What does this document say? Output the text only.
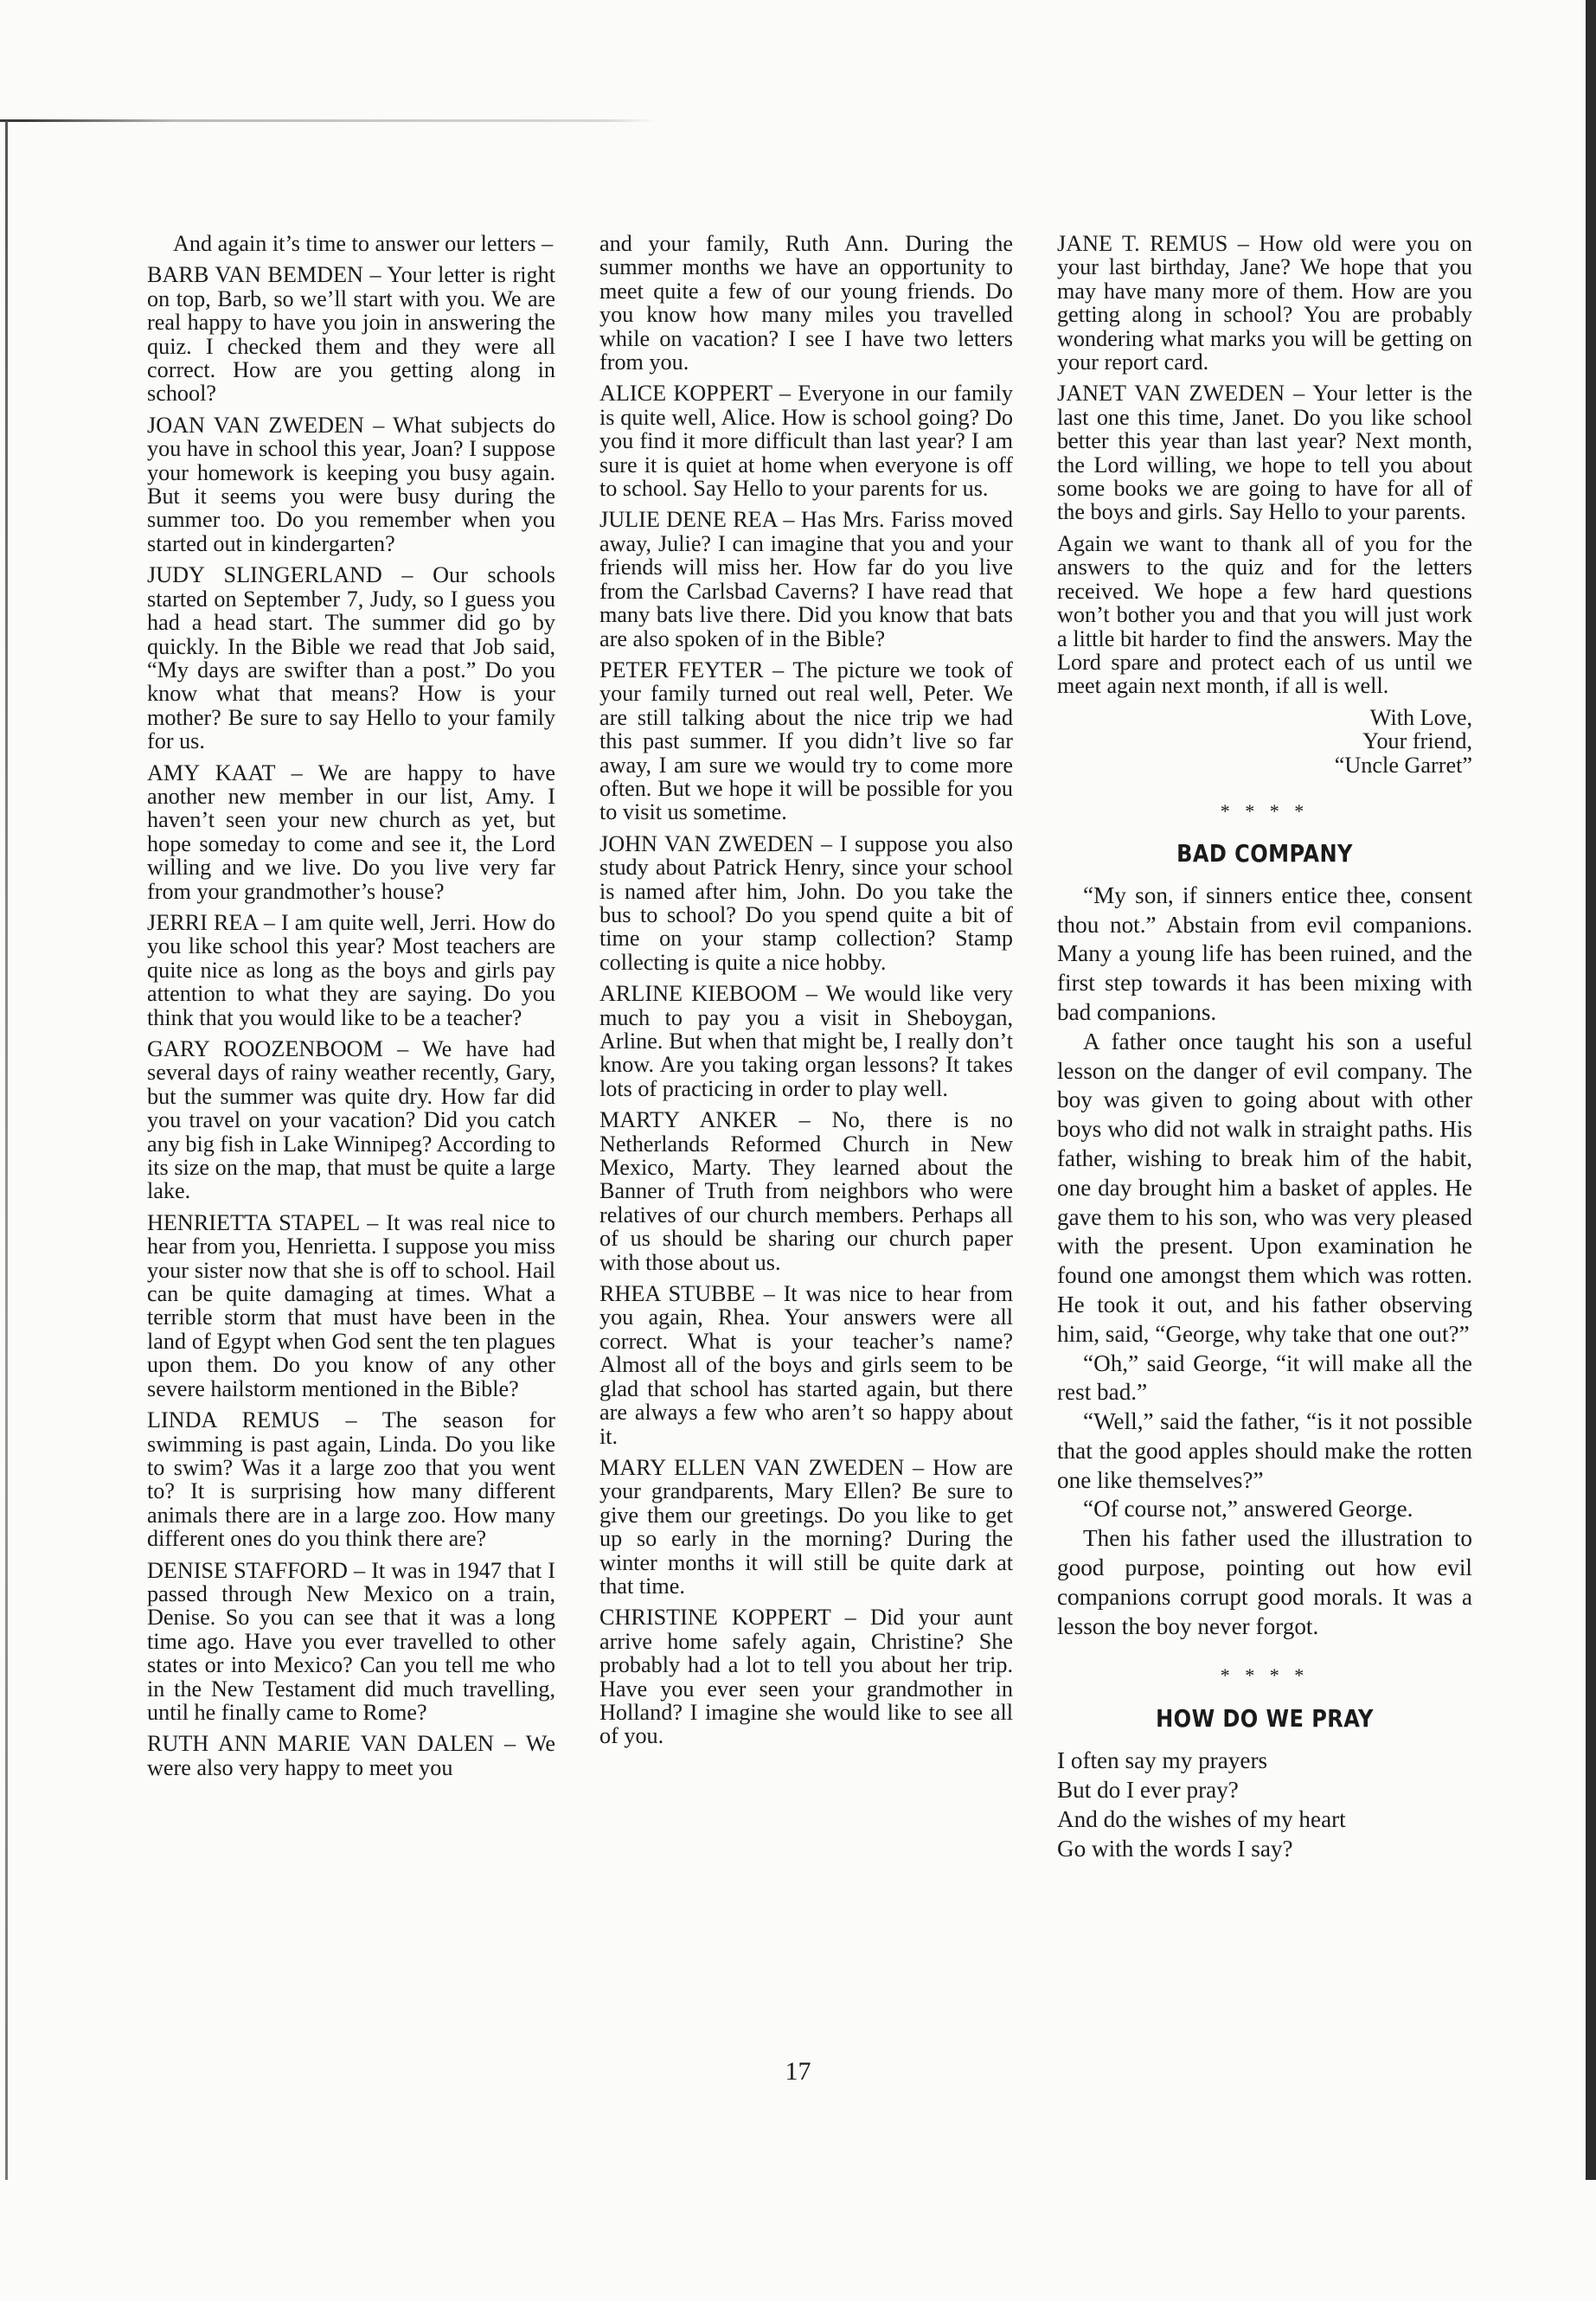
And again it’s time to answer our letters –

BARB VAN BEMDEN – Your letter is right on top, Barb, so we’ll start with you. We are real happy to have you join in answering the quiz. I checked them and they were all correct. How are you getting along in school?

JOAN VAN ZWEDEN – What subjects do you have in school this year, Joan? I suppose your homework is keeping you busy again. But it seems you were busy during the summer too. Do you remember when you started out in kindergarten?

JUDY SLINGERLAND – Our schools started on September 7, Judy, so I guess you had a head start. The summer did go by quickly. In the Bible we read that Job said, “My days are swifter than a post.” Do you know what that means? How is your mother? Be sure to say Hello to your family for us.

AMY KAAT – We are happy to have another new member in our list, Amy. I haven’t seen your new church as yet, but hope someday to come and see it, the Lord willing and we live. Do you live very far from your grandmother’s house?

JERRI REA – I am quite well, Jerri. How do you like school this year? Most teachers are quite nice as long as the boys and girls pay attention to what they are saying. Do you think that you would like to be a teacher?

GARY ROOZENBOOM – We have had several days of rainy weather recently, Gary, but the summer was quite dry. How far did you travel on your vacation? Did you catch any big fish in Lake Winnipeg? According to its size on the map, that must be quite a large lake.

HENRIETTA STAPEL – It was real nice to hear from you, Henrietta. I suppose you miss your sister now that she is off to school. Hail can be quite damaging at times. What a terrible storm that must have been in the land of Egypt when God sent the ten plagues upon them. Do you know of any other severe hailstorm mentioned in the Bible?

LINDA REMUS – The season for swimming is past again, Linda. Do you like to swim? Was it a large zoo that you went to? It is surprising how many different animals there are in a large zoo. How many different ones do you think there are?

DENISE STAFFORD – It was in 1947 that I passed through New Mexico on a train, Denise. So you can see that it was a long time ago. Have you ever travelled to other states or into Mexico? Can you tell me who in the New Testament did much travelling, until he finally came to Rome?

RUTH ANN MARIE VAN DALEN – We were also very happy to meet you

and your family, Ruth Ann. During the summer months we have an opportunity to meet quite a few of our young friends. Do you know how many miles you travelled while on vacation? I see I have two letters from you.

ALICE KOPPERT – Everyone in our family is quite well, Alice. How is school going? Do you find it more difficult than last year? I am sure it is quiet at home when everyone is off to school. Say Hello to your parents for us.

JULIE DENE REA – Has Mrs. Fariss moved away, Julie? I can imagine that you and your friends will miss her. How far do you live from the Carlsbad Caverns? I have read that many bats live there. Did you know that bats are also spoken of in the Bible?

PETER FEYTER – The picture we took of your family turned out real well, Peter. We are still talking about the nice trip we had this past summer. If you didn’t live so far away, I am sure we would try to come more often. But we hope it will be possible for you to visit us sometime.

JOHN VAN ZWEDEN – I suppose you also study about Patrick Henry, since your school is named after him, John. Do you take the bus to school? Do you spend quite a bit of time on your stamp collection? Stamp collecting is quite a nice hobby.

ARLINE KIEBOOM – We would like very much to pay you a visit in Sheboygan, Arline. But when that might be, I really don’t know. Are you taking organ lessons? It takes lots of practicing in order to play well.

MARTY ANKER – No, there is no Netherlands Reformed Church in New Mexico, Marty. They learned about the Banner of Truth from neighbors who were relatives of our church members. Perhaps all of us should be sharing our church paper with those about us.

RHEA STUBBE – It was nice to hear from you again, Rhea. Your answers were all correct. What is your teacher’s name? Almost all of the boys and girls seem to be glad that school has started again, but there are always a few who aren’t so happy about it.

MARY ELLEN VAN ZWEDEN – How are your grandparents, Mary Ellen? Be sure to give them our greetings. Do you like to get up so early in the morning? During the winter months it will still be quite dark at that time.

CHRISTINE KOPPERT – Did your aunt arrive home safely again, Christine? She probably had a lot to tell you about her trip. Have you ever seen your grandmother in Holland? I imagine she would like to see all of you.

JANE T. REMUS – How old were you on your last birthday, Jane? We hope that you may have many more of them. How are you getting along in school? You are probably wondering what marks you will be getting on your report card.

JANET VAN ZWEDEN – Your letter is the last one this time, Janet. Do you like school better this year than last year? Next month, the Lord willing, we hope to tell you about some books we are going to have for all of the boys and girls. Say Hello to your parents.

Again we want to thank all of you for the answers to the quiz and for the letters received. We hope a few hard questions won’t bother you and that you will just work a little bit harder to find the answers. May the Lord spare and protect each of us until we meet again next month, if all is well.

With Love,

Your friend,

“Uncle Garret”

* * * *
BAD COMPANY

“My son, if sinners entice thee, consent thou not.” Abstain from evil companions. Many a young life has been ruined, and the first step towards it has been mixing with bad companions.

A father once taught his son a useful lesson on the danger of evil company. The boy was given to going about with other boys who did not walk in straight paths. His father, wishing to break him of the habit, one day brought him a basket of apples. He gave them to his son, who was very pleased with the present. Upon examination he found one amongst them which was rotten. He took it out, and his father observing him, said, “George, why take that one out?”

“Oh,” said George, “it will make all the rest bad.”

“Well,” said the father, “is it not possible that the good apples should make the rotten one like themselves?”

“Of course not,” answered George.

Then his father used the illustration to good purpose, pointing out how evil companions corrupt good morals. It was a lesson the boy never forgot.

* * * *
HOW DO WE PRAY

I often say my prayers

But do I ever pray?

And do the wishes of my heart

Go with the words I say?

17
